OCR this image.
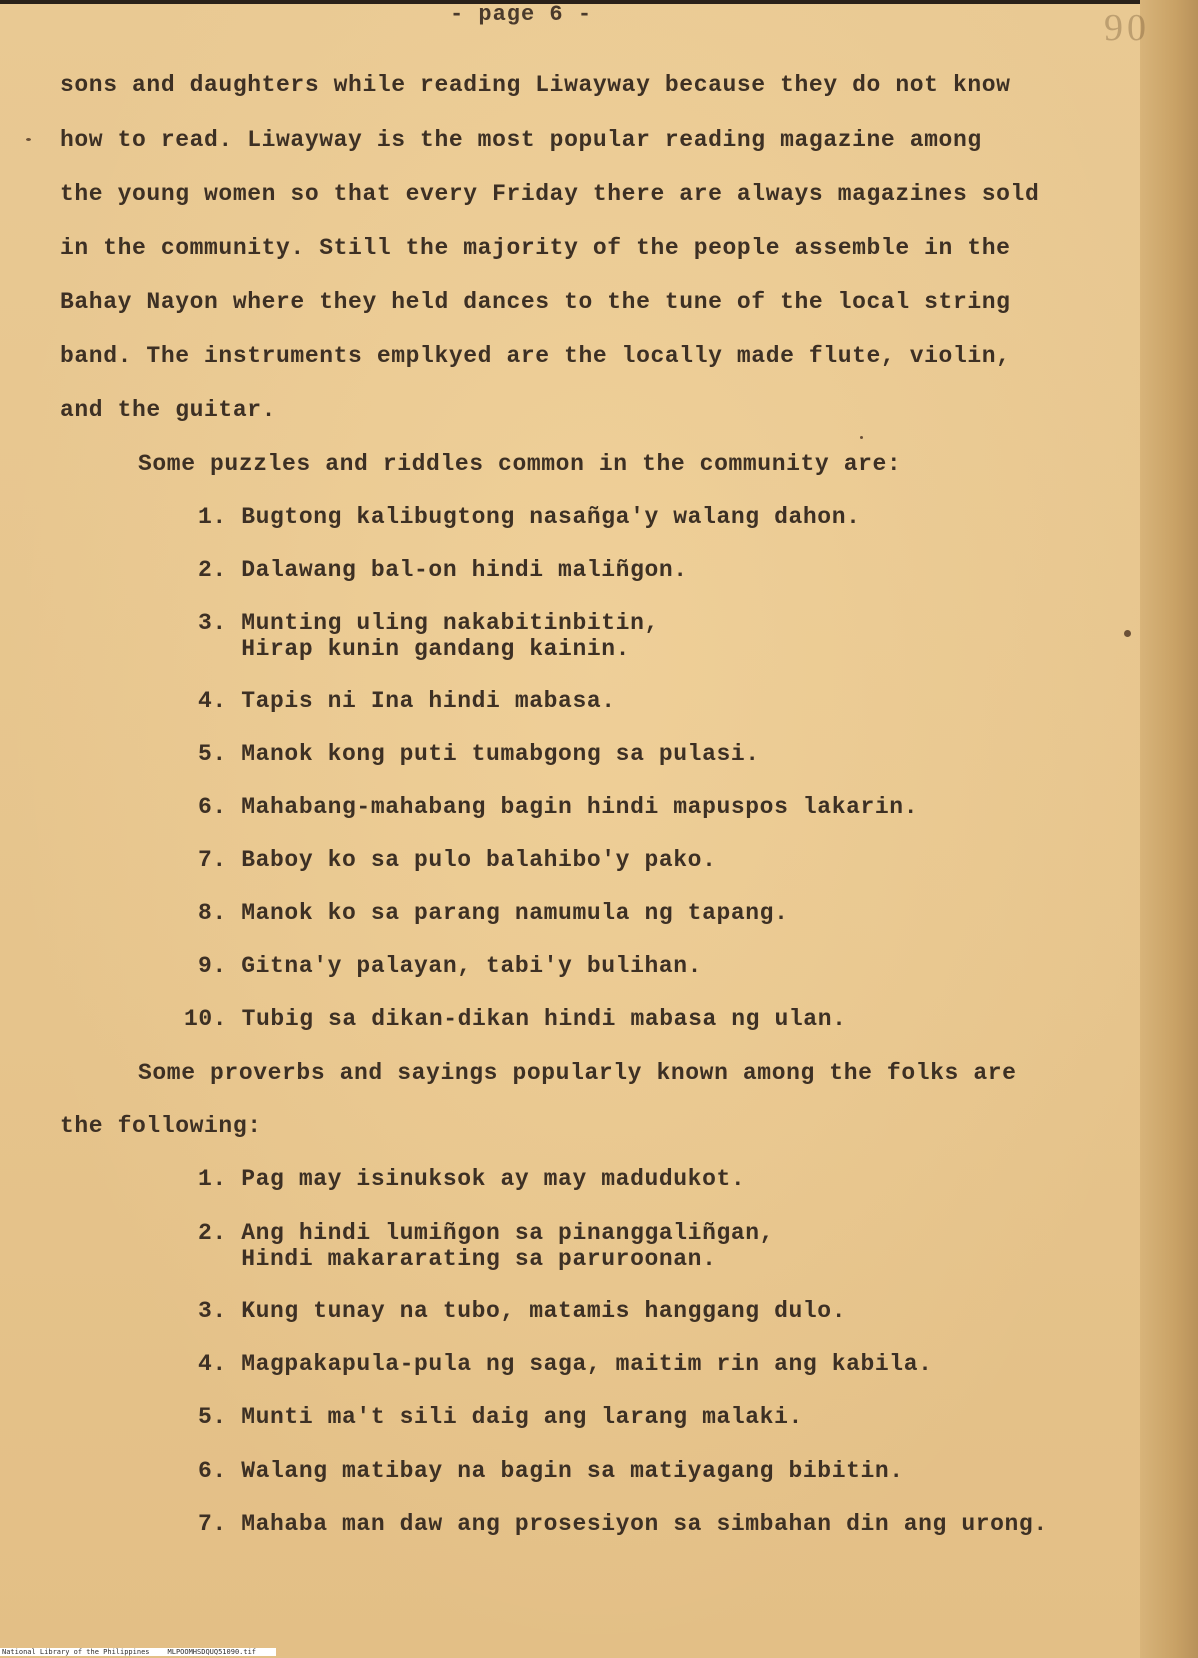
- page 6 -	90
sons and daughters while reading Liwayway because they do not know
how to read. Liwayway is the most popular reading magazine among
the young women so that every Friday there are always magazines sold
in the community. Still the majority of the people assemble in the
Bahay Nayon where they held dances to the tune of the local string
band. The instruments emplkyed are the locally made flute, violin,
and the guitar.
Some puzzles and riddles common in the community are:
1. Bugtong kalibugtong nasañga'y walang dahon.
2. Dalawang bal-on hindi maliñgon.
3. Munting uling nakabitinbitin,
Hirap kunin gandang kainin.
4. Tapis ni Ina hindi mabasa.
5. Manok kong puti tumabgong sa pulasi.
6. Mahabang-mahabang bagin hindi mapuspos lakarin.
7. Baboy ko sa pulo balahibo'y pako.
8. Manok ko sa parang namumula ng tapang.
9. Gitna'y palayan, tabi'y bulihan.
10. Tubig sa dikan-dikan hindi mabasa ng ulan.
Some proverbs and sayings popularly known among the folks are
the following:
1. Pag may isinuksok ay may madudukot.
2. Ang hindi lumiñgon sa pinanggaliñgan,
Hindi makararating sa paruroonan.
3. Kung tunay na tubo, matamis hanggang dulo.
4. Magpakapula-pula ng saga, maitim rin ang kabila.
5. Munti ma't sili daig ang larang malaki.
6. Walang matibay na bagin sa matiyagang bibitin.
7. Mahaba man daw ang prosesiyon sa simbahan din ang urong.
National Library of the Philippines	MLPOOMHSDQUQ51090.tif
